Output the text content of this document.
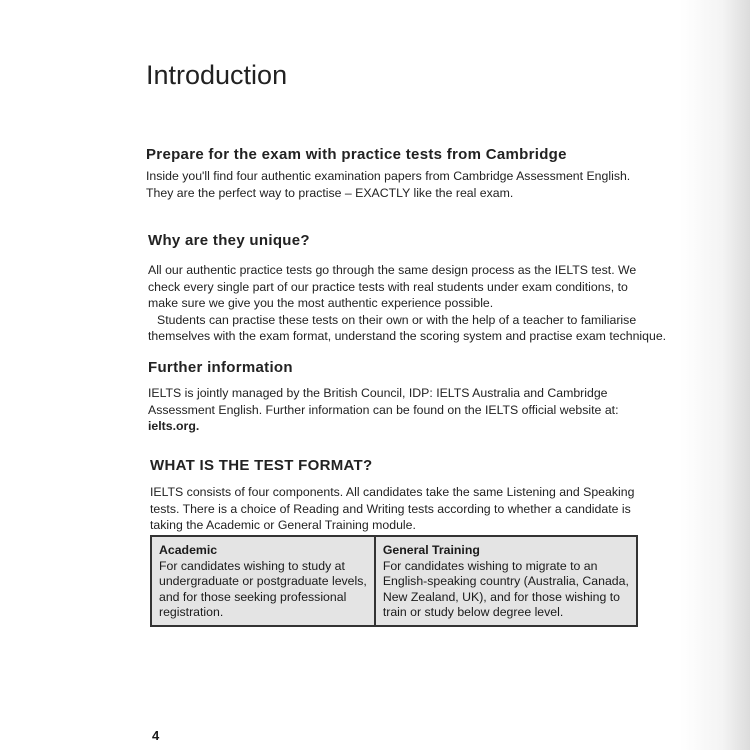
Introduction
Prepare for the exam with practice tests from Cambridge
Inside you'll find four authentic examination papers from Cambridge Assessment English.
They are the perfect way to practise – EXACTLY like the real exam.
Why are they unique?
All our authentic practice tests go through the same design process as the IELTS test. We
check every single part of our practice tests with real students under exam conditions, to
make sure we give you the most authentic experience possible.
Students can practise these tests on their own or with the help of a teacher to familiarise
themselves with the exam format, understand the scoring system and practise exam technique.
Further information
IELTS is jointly managed by the British Council, IDP: IELTS Australia and Cambridge
Assessment English. Further information can be found on the IELTS official website at:
ielts.org.
WHAT IS THE TEST FORMAT?
IELTS consists of four components. All candidates take the same Listening and Speaking
tests. There is a choice of Reading and Writing tests according to whether a candidate is
taking the Academic or General Training module.
Academic
For candidates wishing to study at
undergraduate or postgraduate levels,
and for those seeking professional
registration.

General Training
For candidates wishing to migrate to an
English-speaking country (Australia, Canada,
New Zealand, UK), and for those wishing to
train or study below degree level.
4
